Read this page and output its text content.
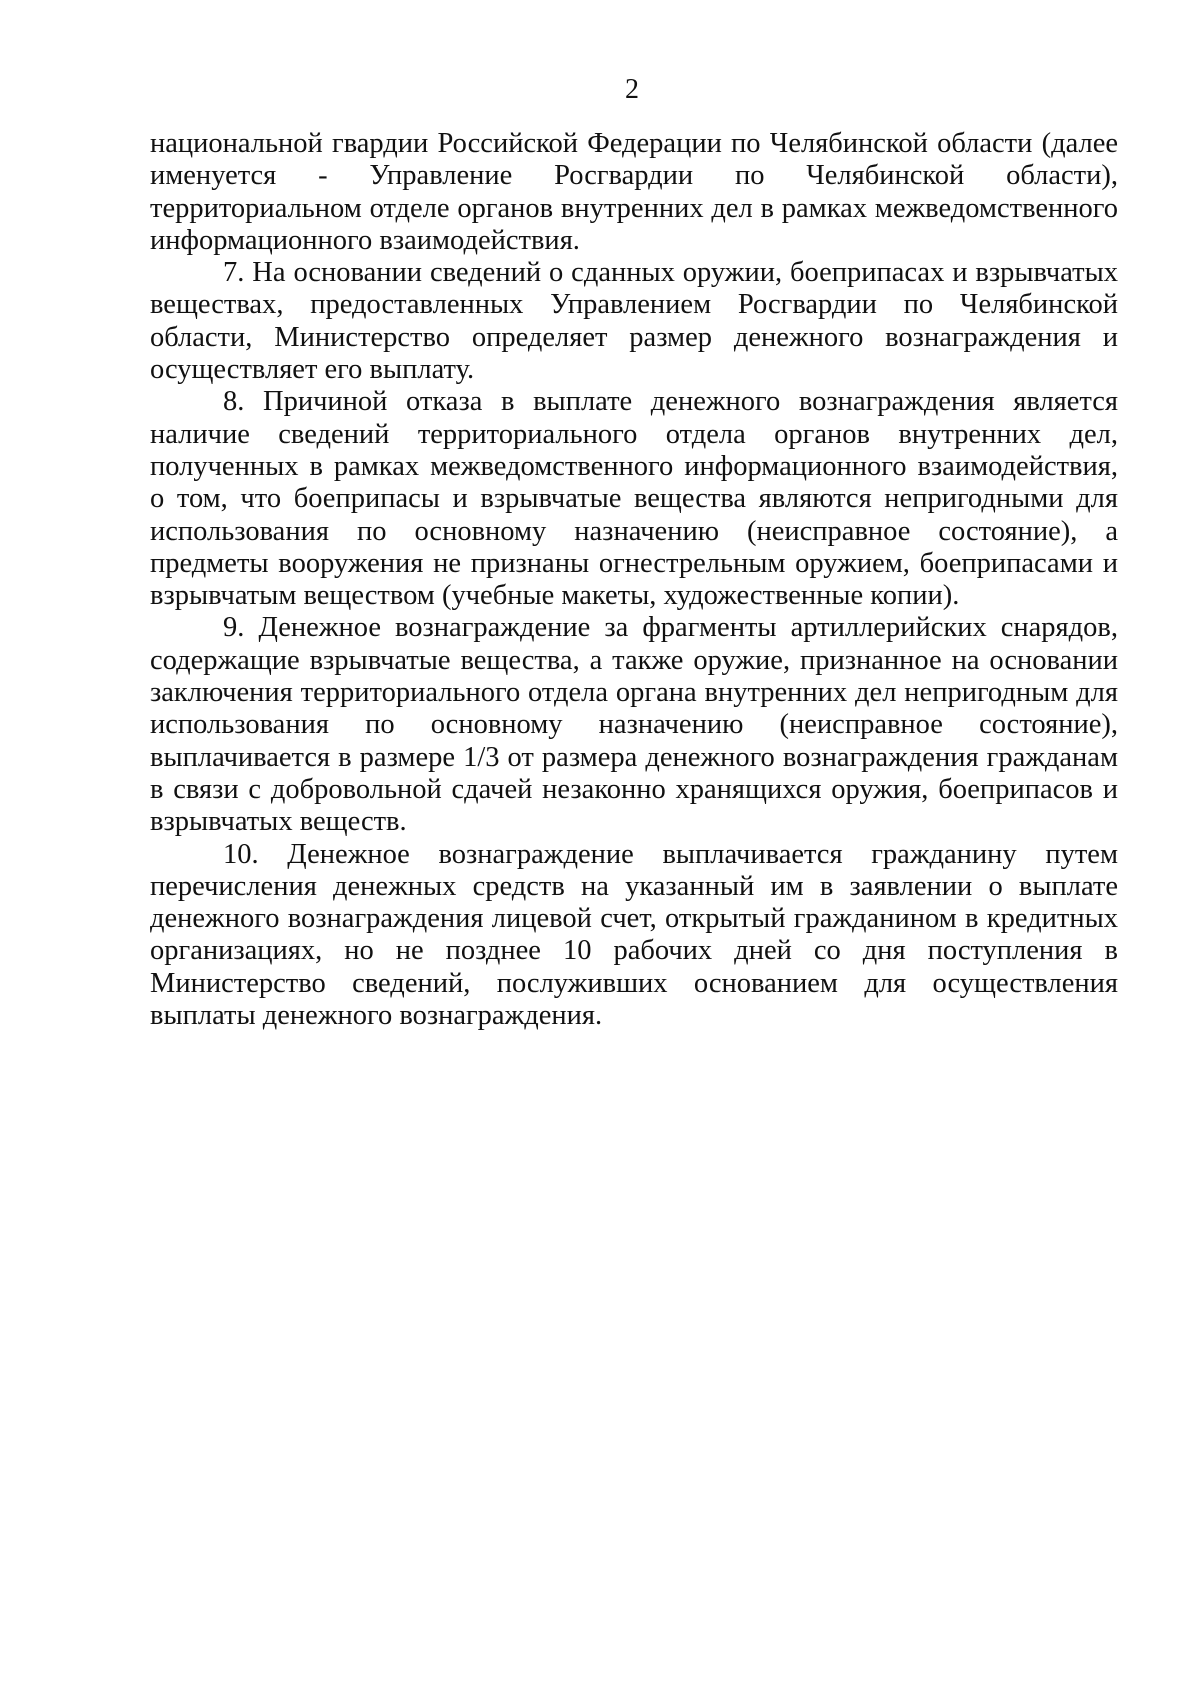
2

национальной гвардии Российской Федерации по Челябинской области (далее именуется - Управление Росгвардии по Челябинской области), территориальном отделе органов внутренних дел в рамках межведомственного информационного взаимодействия.

7. На основании сведений о сданных оружии, боеприпасах и взрывчатых веществах, предоставленных Управлением Росгвардии по Челябинской области, Министерство определяет размер денежного вознаграждения и осуществляет его выплату.

8. Причиной отказа в выплате денежного вознаграждения является наличие сведений территориального отдела органов внутренних дел, полученных в рамках межведомственного информационного взаимодействия, о том, что боеприпасы и взрывчатые вещества являются непригодными для использования по основному назначению (неисправное состояние), а предметы вооружения не признаны огнестрельным оружием, боеприпасами и взрывчатым веществом (учебные макеты, художественные копии).

9. Денежное вознаграждение за фрагменты артиллерийских снарядов, содержащие взрывчатые вещества, а также оружие, признанное на основании заключения территориального отдела органа внутренних дел непригодным для использования по основному назначению (неисправное состояние), выплачивается в размере 1/3 от размера денежного вознаграждения гражданам в связи с добровольной сдачей незаконно хранящихся оружия, боеприпасов и взрывчатых веществ.

10. Денежное вознаграждение выплачивается гражданину путем перечисления денежных средств на указанный им в заявлении о выплате денежного вознаграждения лицевой счет, открытый гражданином в кредитных организациях, но не позднее 10 рабочих дней со дня поступления в Министерство сведений, послуживших основанием для осуществления выплаты денежного вознаграждения.
